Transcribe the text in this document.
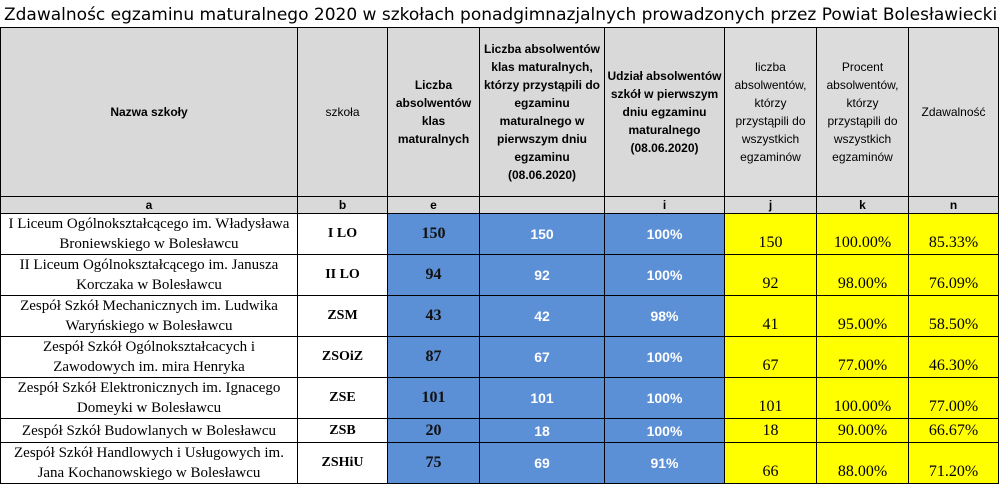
Zdawalnośc egzaminu maturalnego 2020 w szkołach ponadgimnazjalnych prowadzonych przez Powiat Bolesławiecki
Nazwa szkoły	szkoła	Liczba absolwentów klas maturalnych	Liczba absolwentów klas maturalnych, którzy przystąpili do egzaminu maturalnego w pierwszym dniu egzaminu (08.06.2020)	Udział absolwentów szkół w pierwszym dniu egzaminu maturalnego (08.06.2020)	liczba absolwentów, którzy przystąpili do wszystkich egzaminów	Procent absolwentów, którzy przystąpili do wszystkich egzaminów	Zdawalność
a	b	e		i	j	k	n
I Liceum Ogólnokształcącego im. Władysława Broniewskiego w Bolesławcu	I LO	150	150	100%	150	100.00%	85.33%
II Liceum Ogólnokształcącego im. Janusza Korczaka w Bolesławcu	II LO	94	92	100%	92	98.00%	76.09%
Zespół Szkół Mechanicznych im. Ludwika Waryńskiego w Bolesławcu	ZSM	43	42	98%	41	95.00%	58.50%
Zespół Szkół Ogólnokształcacych i Zawodowych im. mira Henryka	ZSOiZ	87	67	100%	67	77.00%	46.30%
Zespół Szkół Elektronicznych im. Ignacego Domeyki w Bolesławcu	ZSE	101	101	100%	101	100.00%	77.00%
Zespół Szkół Budowlanych w Bolesławcu	ZSB	20	18	100%	18	90.00%	66.67%
Zespół Szkół Handlowych i Usługowych im. Jana Kochanowskiego w Bolesławcu	ZSHiU	75	69	91%	66	88.00%	71.20%
